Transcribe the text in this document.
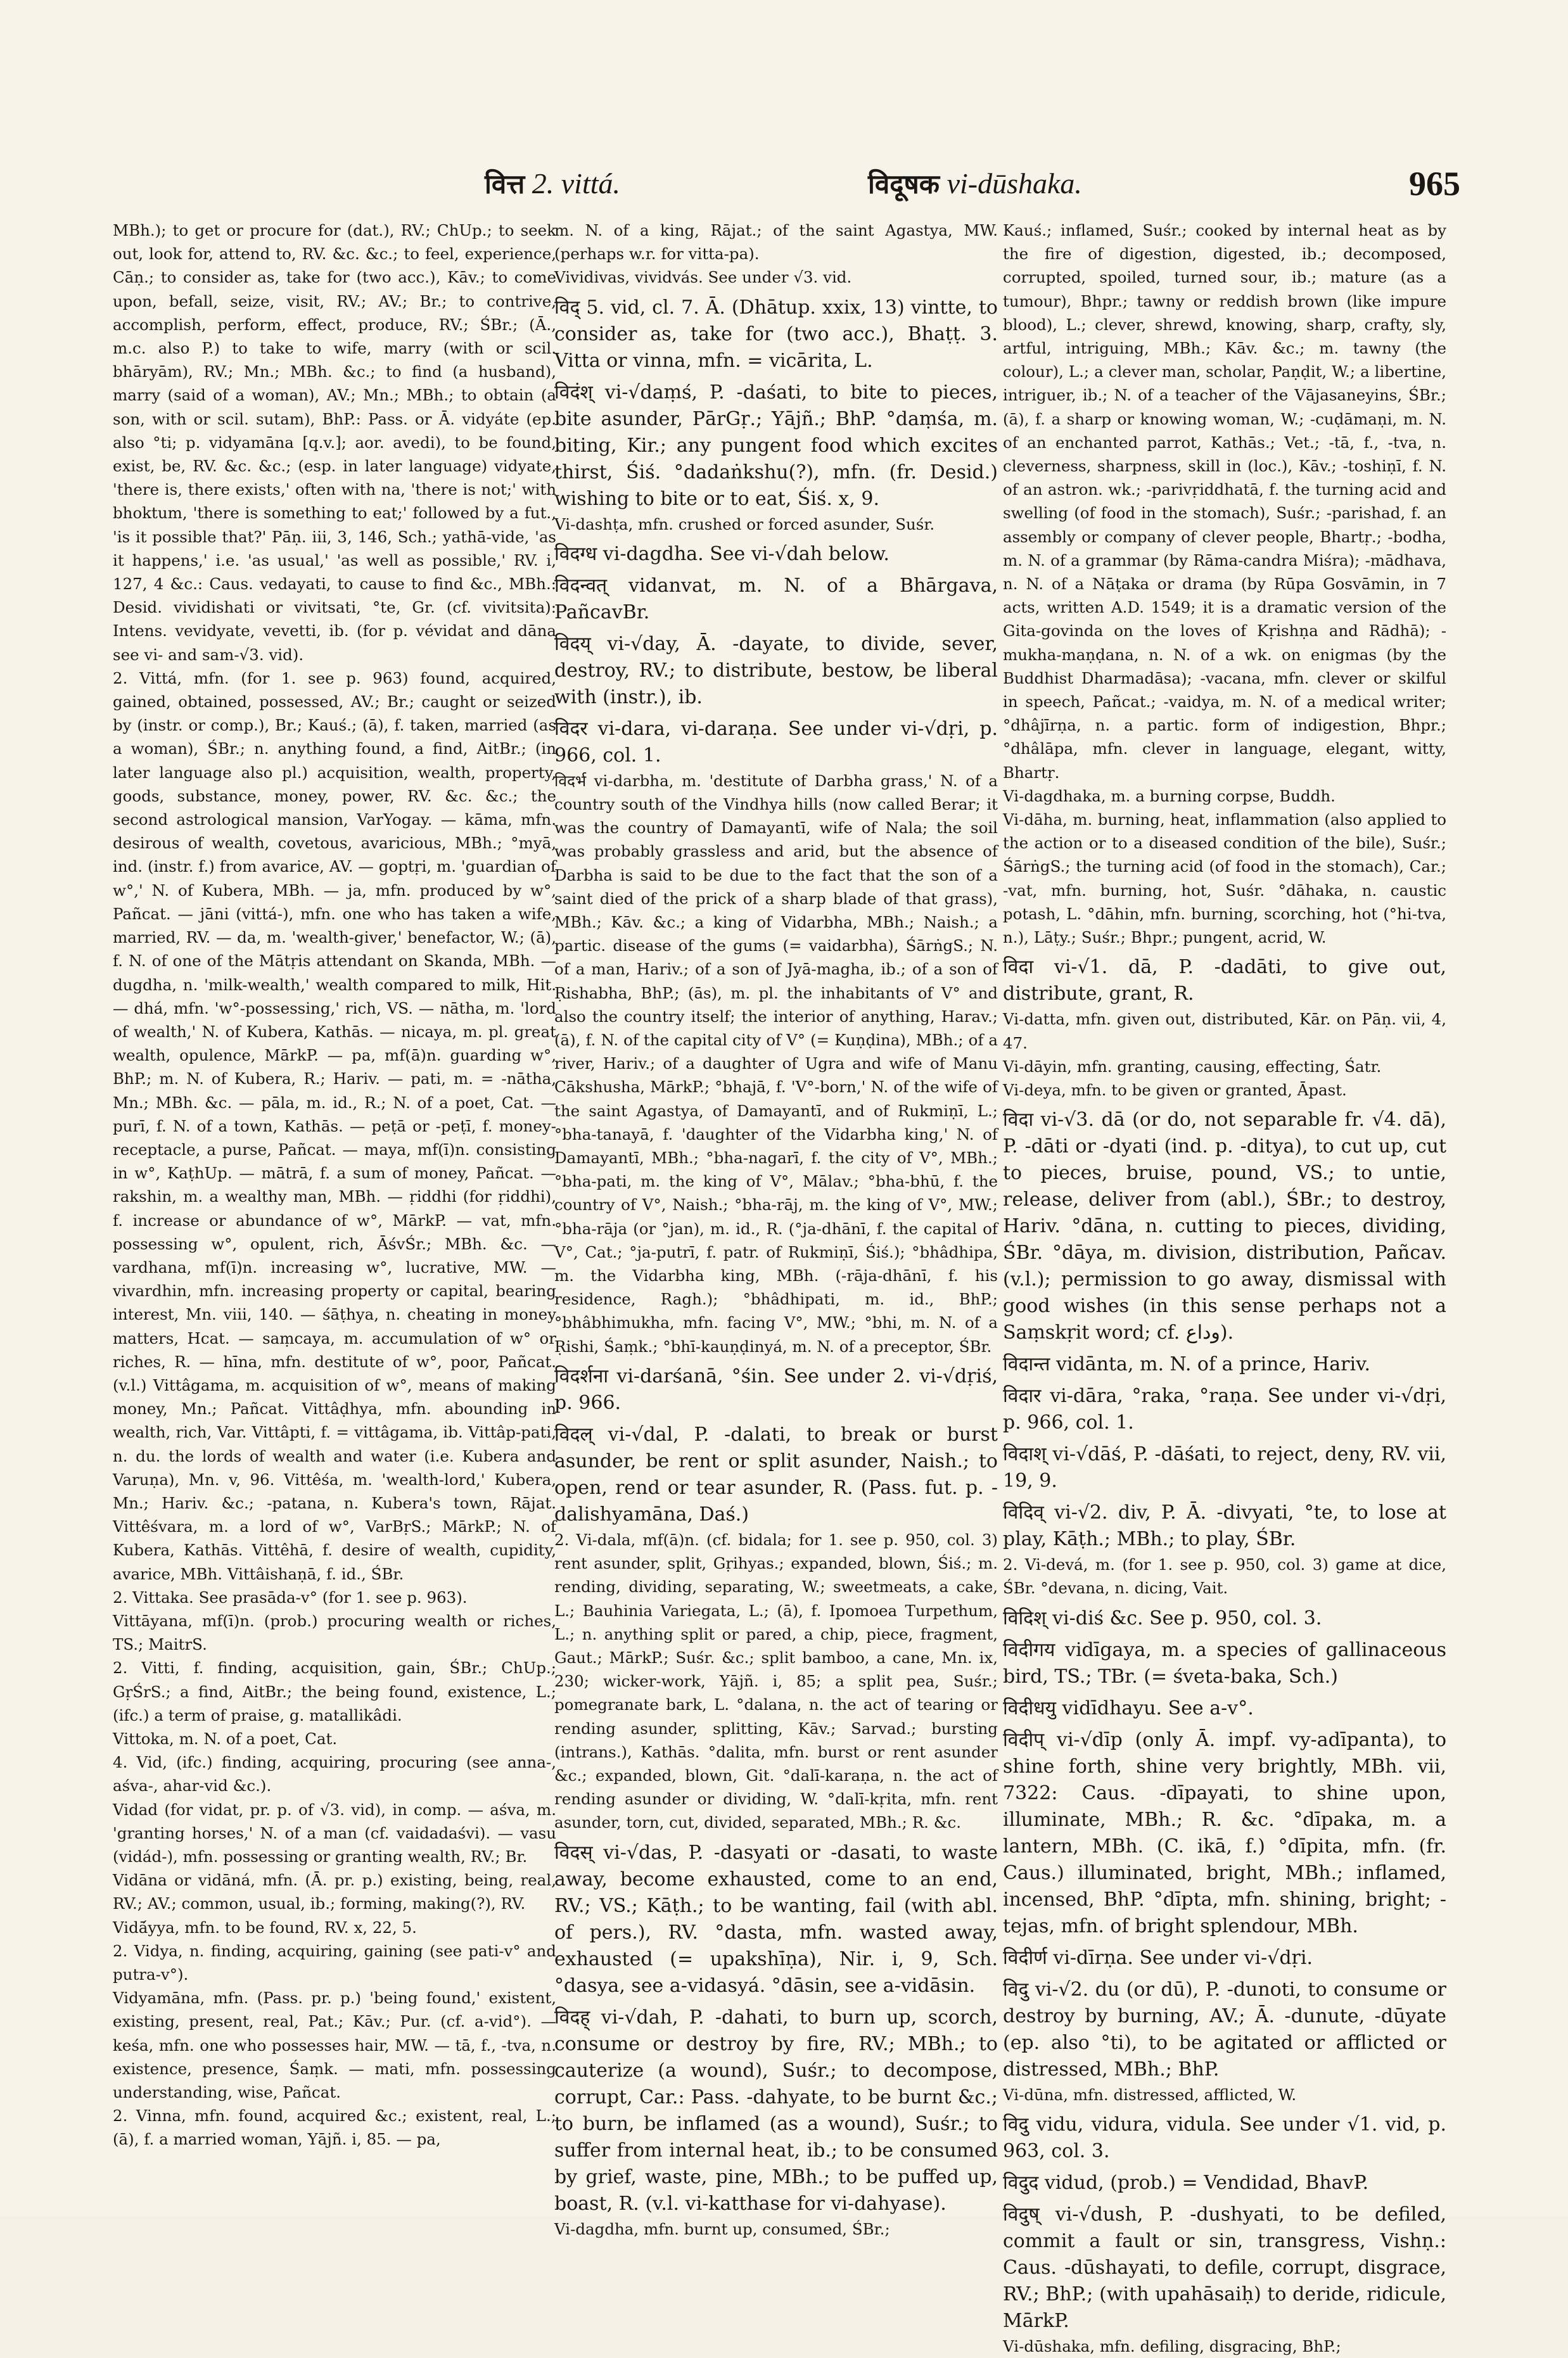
वित्त 2. vittá.	विदूषक vi-dūshaka.	965

MBh.); to get or procure for (dat.), RV.; ChUp.; to seek out, look for, attend to, RV. &c. &c.; to feel, experience, Cāṇ.; to consider as, take for (two acc.), Kāv.; to come upon, befall, seize, visit, RV.; AV.; Br.; to contrive, accomplish, perform, effect, produce, RV.; ŚBr.; (Ā., m.c. also P.) to take to wife, marry (with or scil. bhāryām), RV.; Mn.; MBh. &c.; to find (a husband), marry (said of a woman), AV.; Mn.; MBh.; to obtain (a son, with or scil. sutam), BhP.: Pass. or Ā. vidyáte (ep. also °ti; p. vidyamāna [q.v.]; aor. avedi), to be found, exist, be, RV. &c. &c.; (esp. in later language) vidyate, 'there is, there exists,' often with na, 'there is not;' with bhoktum, 'there is something to eat;' followed by a fut., 'is it possible that?' Pāṇ. iii, 3, 146, Sch.; yathā-vide, 'as it happens,' i.e. 'as usual,' 'as well as possible,' RV. i, 127, 4 &c.: Caus. vedayati, to cause to find &c., MBh.: Desid. vividishati or vivitsati, °te, Gr. (cf. vivitsita): Intens. vevidyate, vevetti, ib. (for p. vévidat and dāna see vi- and sam-√3. vid).

2. Vittá, mfn. (for 1. see p. 963) found, acquired, gained, obtained, possessed, AV.; Br.; caught or seized by (instr. or comp.), Br.; Kauś.; (ā), f. taken, married (as a woman), ŚBr.; n. anything found, a find, AitBr.; (in later language also pl.) acquisition, wealth, property, goods, substance, money, power, RV. &c. &c.; the second astrological mansion, VarYogay. — kāma, mfn. desirous of wealth, covetous, avaricious, MBh.; °myā, ind. (instr. f.) from avarice, AV. — goptṛi, m. 'guardian of w°,' N. of Kubera, MBh. — ja, mfn. produced by w°, Pañcat. — jāni (vittá-), mfn. one who has taken a wife, married, RV. — da, m. 'wealth-giver,' benefactor, W.; (ā), f. N. of one of the Mātṛis attendant on Skanda, MBh. — dugdha, n. 'milk-wealth,' wealth compared to milk, Hit. — dhá, mfn. 'w°-possessing,' rich, VS. — nātha, m. 'lord of wealth,' N. of Kubera, Kathās. — nicaya, m. pl. great wealth, opulence, MārkP. — pa, mf(ā)n. guarding w°, BhP.; m. N. of Kubera, R.; Hariv. — pati, m. = -nātha, Mn.; MBh. &c. — pāla, m. id., R.; N. of a poet, Cat. — purī, f. N. of a town, Kathās. — peṭā or -peṭī, f. money-receptacle, a purse, Pañcat. — maya, mf(ī)n. consisting in w°, KaṭhUp. — mātrā, f. a sum of money, Pañcat. — rakshin, m. a wealthy man, MBh. — ṛiddhi (for ṛiddhi), f. increase or abundance of w°, MārkP. — vat, mfn. possessing w°, opulent, rich, ĀśvŚr.; MBh. &c. — vardhana, mf(ī)n. increasing w°, lucrative, MW. — vivardhin, mfn. increasing property or capital, bearing interest, Mn. viii, 140. — śāṭhya, n. cheating in money matters, Hcat. — saṃcaya, m. accumulation of w° or riches, R. — hīna, mfn. destitute of w°, poor, Pañcat. (v.l.) Vittâgama, m. acquisition of w°, means of making money, Mn.; Pañcat. Vittâḍhya, mfn. abounding in wealth, rich, Var. Vittâpti, f. = vittâgama, ib. Vittâp-pati, n. du. the lords of wealth and water (i.e. Kubera and Varuṇa), Mn. v, 96. Vittêśa, m. 'wealth-lord,' Kubera, Mn.; Hariv. &c.; -patana, n. Kubera's town, Rājat. Vittêśvara, m. a lord of w°, VarBṛS.; MārkP.; N. of Kubera, Kathās. Vittêhā, f. desire of wealth, cupidity, avarice, MBh. Vittâishaṇā, f. id., ŚBr.

2. Vittaka. See prasāda-v° (for 1. see p. 963).

Vittāyana, mf(ī)n. (prob.) procuring wealth or riches, TS.; MaitrS.

2. Vitti, f. finding, acquisition, gain, ŚBr.; ChUp.; GṛŚrS.; a find, AitBr.; the being found, existence, L.; (ifc.) a term of praise, g. matallikâdi.

Vittoka, m. N. of a poet, Cat.

4. Vid, (ifc.) finding, acquiring, procuring (see anna-, aśva-, ahar-vid &c.).

Vidad (for vidat, pr. p. of √3. vid), in comp. — aśva, m. 'granting horses,' N. of a man (cf. vaidadaśvi). — vasu (vidád-), mfn. possessing or granting wealth, RV.; Br.

Vidāna or vidāná, mfn. (Ā. pr. p.) existing, being, real, RV.; AV.; common, usual, ib.; forming, making(?), RV.

Vidā́yya, mfn. to be found, RV. x, 22, 5.

2. Vidya, n. finding, acquiring, gaining (see pati-v° and putra-v°).

Vidyamāna, mfn. (Pass. pr. p.) 'being found,' existent, existing, present, real, Pat.; Kāv.; Pur. (cf. a-vid°). — keśa, mfn. one who possesses hair, MW. — tā, f., -tva, n. existence, presence, Śaṃk. — mati, mfn. possessing understanding, wise, Pañcat.

2. Vinna, mfn. found, acquired &c.; existent, real, L.; (ā), f. a married woman, Yājñ. i, 85. — pa,

m. N. of a king, Rājat.; of the saint Agastya, MW. (perhaps w.r. for vitta-pa).

Vividivas, vividvás. See under √3. vid.

विद् 5. vid, cl. 7. Ā. (Dhātup. xxix, 13) vintte, to consider as, take for (two acc.), Bhaṭṭ. 3. Vitta or vinna, mfn. = vicārita, L.

विदंश् vi-√daṃś, P. -daśati, to bite to pieces, bite asunder, PārGṛ.; Yājñ.; BhP. °daṃśa, m. biting, Kir.; any pungent food which excites thirst, Śiś. °dadaṅkshu(?), mfn. (fr. Desid.) wishing to bite or to eat, Śiś. x, 9.

Vi-dashṭa, mfn. crushed or forced asunder, Suśr.

विदग्ध vi-dagdha. See vi-√dah below.

विदन्वत् vidanvat, m. N. of a Bhārgava, PañcavBr.

विदय् vi-√day, Ā. -dayate, to divide, sever, destroy, RV.; to distribute, bestow, be liberal with (instr.), ib.

विदर vi-dara, vi-daraṇa. See under vi-√dṛi, p. 966, col. 1.

विदर्भ vi-darbha, m. 'destitute of Darbha grass,' N. of a country south of the Vindhya hills (now called Berar; it was the country of Damayantī, wife of Nala; the soil was probably grassless and arid, but the absence of Darbha is said to be due to the fact that the son of a saint died of the prick of a sharp blade of that grass), MBh.; Kāv. &c.; a king of Vidarbha, MBh.; Naish.; a partic. disease of the gums (= vaidarbha), ŚārṅgS.; N. of a man, Hariv.; of a son of Jyā-magha, ib.; of a son of Ṛishabha, BhP.; (ās), m. pl. the inhabitants of V° and also the country itself; the interior of anything, Harav.; (ā), f. N. of the capital city of V° (= Kuṇḍina), MBh.; of a river, Hariv.; of a daughter of Ugra and wife of Manu Cākshusha, MārkP.; °bhajā, f. 'V°-born,' N. of the wife of the saint Agastya, of Damayantī, and of Rukmiṇī, L.; °bha-tanayā, f. 'daughter of the Vidarbha king,' N. of Damayantī, MBh.; °bha-nagarī, f. the city of V°, MBh.; °bha-pati, m. the king of V°, Mālav.; °bha-bhū, f. the country of V°, Naish.; °bha-rāj, m. the king of V°, MW.; °bha-rāja (or °jan), m. id., R. (°ja-dhānī, f. the capital of V°, Cat.; °ja-putrī, f. patr. of Rukmiṇī, Śiś.); °bhâdhipa, m. the Vidarbha king, MBh. (-rāja-dhānī, f. his residence, Ragh.); °bhâdhipati, m. id., BhP.; °bhâbhimukha, mfn. facing V°, MW.; °bhi, m. N. of a Ṛishi, Śaṃk.; °bhī-kauṇḍinyá, m. N. of a preceptor, ŚBr.

विदर्शना vi-darśanā, °śin. See under 2. vi-√dṛiś, p. 966.

विदल् vi-√dal, P. -dalati, to break or burst asunder, be rent or split asunder, Naish.; to open, rend or tear asunder, R. (Pass. fut. p. -dalishyamāna, Daś.)

2. Vi-dala, mf(ā)n. (cf. bidala; for 1. see p. 950, col. 3) rent asunder, split, Gṛihyas.; expanded, blown, Śiś.; m. rending, dividing, separating, W.; sweetmeats, a cake, L.; Bauhinia Variegata, L.; (ā), f. Ipomoea Turpethum, L.; n. anything split or pared, a chip, piece, fragment, Gaut.; MārkP.; Suśr. &c.; split bamboo, a cane, Mn. ix, 230; wicker-work, Yājñ. i, 85; a split pea, Suśr.; pomegranate bark, L. °dalana, n. the act of tearing or rending asunder, splitting, Kāv.; Sarvad.; bursting (intrans.), Kathās. °dalita, mfn. burst or rent asunder &c.; expanded, blown, Git. °dalī-karaṇa, n. the act of rending asunder or dividing, W. °dalī-kṛita, mfn. rent asunder, torn, cut, divided, separated, MBh.; R. &c.

विदस् vi-√das, P. -dasyati or -dasati, to waste away, become exhausted, come to an end, RV.; VS.; Kāṭh.; to be wanting, fail (with abl. of pers.), RV. °dasta, mfn. wasted away, exhausted (= upakshīṇa), Nir. i, 9, Sch. °dasya, see a-vidasyá. °dāsin, see a-vidāsin.

विदह् vi-√dah, P. -dahati, to burn up, scorch, consume or destroy by fire, RV.; MBh.; to cauterize (a wound), Suśr.; to decompose, corrupt, Car.: Pass. -dahyate, to be burnt &c.; to burn, be inflamed (as a wound), Suśr.; to suffer from internal heat, ib.; to be consumed by grief, waste, pine, MBh.; to be puffed up, boast, R. (v.l. vi-katthase for vi-dahyase).

Vi-dagdha, mfn. burnt up, consumed, ŚBr.;

Kauś.; inflamed, Suśr.; cooked by internal heat as by the fire of digestion, digested, ib.; decomposed, corrupted, spoiled, turned sour, ib.; mature (as a tumour), Bhpr.; tawny or reddish brown (like impure blood), L.; clever, shrewd, knowing, sharp, crafty, sly, artful, intriguing, MBh.; Kāv. &c.; m. tawny (the colour), L.; a clever man, scholar, Paṇḍit, W.; a libertine, intriguer, ib.; N. of a teacher of the Vājasaneyins, ŚBr.; (ā), f. a sharp or knowing woman, W.; -cuḍāmaṇi, m. N. of an enchanted parrot, Kathās.; Vet.; -tā, f., -tva, n. cleverness, sharpness, skill in (loc.), Kāv.; -toshiṇī, f. N. of an astron. wk.; -parivṛiddhatā, f. the turning acid and swelling (of food in the stomach), Suśr.; -parishad, f. an assembly or company of clever people, Bhartṛ.; -bodha, m. N. of a grammar (by Rāma-candra Miśra); -mādhava, n. N. of a Nāṭaka or drama (by Rūpa Gosvāmin, in 7 acts, written A.D. 1549; it is a dramatic version of the Gita-govinda on the loves of Kṛishṇa and Rādhā); -mukha-maṇḍana, n. N. of a wk. on enigmas (by the Buddhist Dharmadāsa); -vacana, mfn. clever or skilful in speech, Pañcat.; -vaidya, m. N. of a medical writer; °dhâjīrṇa, n. a partic. form of indigestion, Bhpr.; °dhâlāpa, mfn. clever in language, elegant, witty, Bhartṛ.

Vi-dagdhaka, m. a burning corpse, Buddh.

Vi-dāha, m. burning, heat, inflammation (also applied to the action or to a diseased condition of the bile), Suśr.; ŚārṅgS.; the turning acid (of food in the stomach), Car.; -vat, mfn. burning, hot, Suśr. °dāhaka, n. caustic potash, L. °dāhin, mfn. burning, scorching, hot (°hi-tva, n.), Lāṭy.; Suśr.; Bhpr.; pungent, acrid, W.

विदा vi-√1. dā, P. -dadāti, to give out, distribute, grant, R.

Vi-datta, mfn. given out, distributed, Kār. on Pāṇ. vii, 4, 47.

Vi-dāyin, mfn. granting, causing, effecting, Śatr.

Vi-deya, mfn. to be given or granted, Āpast.

विदा vi-√3. dā (or do, not separable fr. √4. dā), P. -dāti or -dyati (ind. p. -ditya), to cut up, cut to pieces, bruise, pound, VS.; to untie, release, deliver from (abl.), ŚBr.; to destroy, Hariv. °dāna, n. cutting to pieces, dividing, ŚBr. °dāya, m. division, distribution, Pañcav. (v.l.); permission to go away, dismissal with good wishes (in this sense perhaps not a Saṃskṛit word; cf. وداع).

विदान्त vidānta, m. N. of a prince, Hariv.

विदार vi-dāra, °raka, °raṇa. See under vi-√dṛi, p. 966, col. 1.

विदाश् vi-√dāś, P. -dāśati, to reject, deny, RV. vii, 19, 9.

विदिव् vi-√2. div, P. Ā. -divyati, °te, to lose at play, Kāṭh.; MBh.; to play, ŚBr.

2. Vi-devá, m. (for 1. see p. 950, col. 3) game at dice, ŚBr. °devana, n. dicing, Vait.

विदिश् vi-diś &c. See p. 950, col. 3.

विदीगय vidīgaya, m. a species of gallinaceous bird, TS.; TBr. (= śveta-baka, Sch.)

विदीधयु vidīdhayu. See a-v°.

विदीप् vi-√dīp (only Ā. impf. vy-adīpanta), to shine forth, shine very brightly, MBh. vii, 7322: Caus. -dīpayati, to shine upon, illuminate, MBh.; R. &c. °dīpaka, m. a lantern, MBh. (C. ikā, f.) °dīpita, mfn. (fr. Caus.) illuminated, bright, MBh.; inflamed, incensed, BhP. °dīpta, mfn. shining, bright; -tejas, mfn. of bright splendour, MBh.

विदीर्ण vi-dīrṇa. See under vi-√dṛi.

विदु vi-√2. du (or dū), P. -dunoti, to consume or destroy by burning, AV.; Ā. -dunute, -dūyate (ep. also °ti), to be agitated or afflicted or distressed, MBh.; BhP.

Vi-dūna, mfn. distressed, afflicted, W.

विदु vidu, vidura, vidula. See under √1. vid, p. 963, col. 3.

विदुद vidud, (prob.) = Vendidad, BhavP.

विदुष् vi-√dush, P. -dushyati, to be defiled, commit a fault or sin, transgress, Vishṇ.: Caus. -dūshayati, to defile, corrupt, disgrace, RV.; BhP.; (with upahāsaiḥ) to deride, ridicule, MārkP.

Vi-dūshaka, mfn. defiling, disgracing, BhP.;
